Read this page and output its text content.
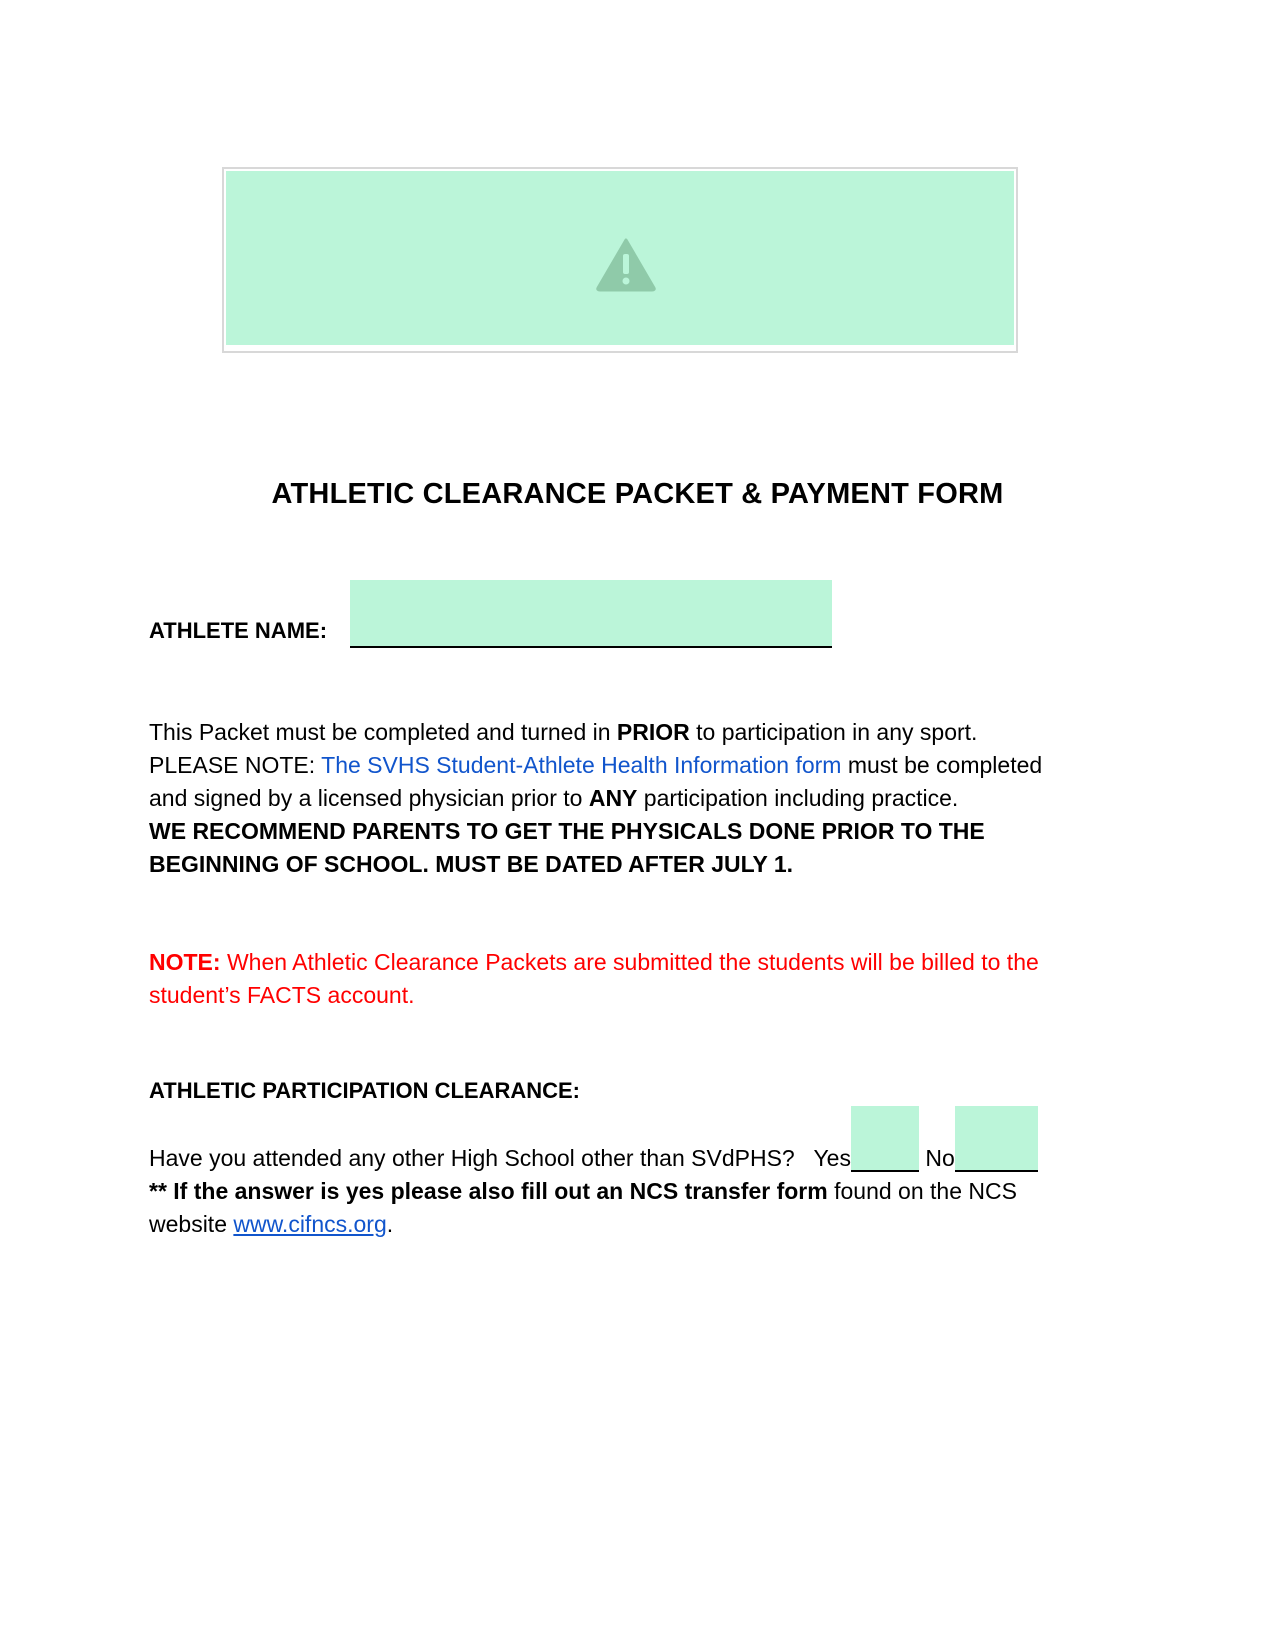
ATHLETIC CLEARANCE PACKET & PAYMENT FORM
ATHLETE NAME:
This Packet must be completed and turned in PRIOR to participation in any sport.
PLEASE NOTE: The SVHS Student-Athlete Health Information form must be completed
and signed by a licensed physician prior to ANY participation including practice.
WE RECOMMEND PARENTS TO GET THE PHYSICALS DONE PRIOR TO THE
BEGINNING OF SCHOOL. MUST BE DATED AFTER JULY 1.
NOTE: When Athletic Clearance Packets are submitted the students will be billed to the
student’s FACTS account.
ATHLETIC PARTICIPATION CLEARANCE:
Have you attended any other High School other than SVdPHS?   Yes	No
** If the answer is yes please also fill out an NCS transfer form found on the NCS
website www.cifncs.org.
